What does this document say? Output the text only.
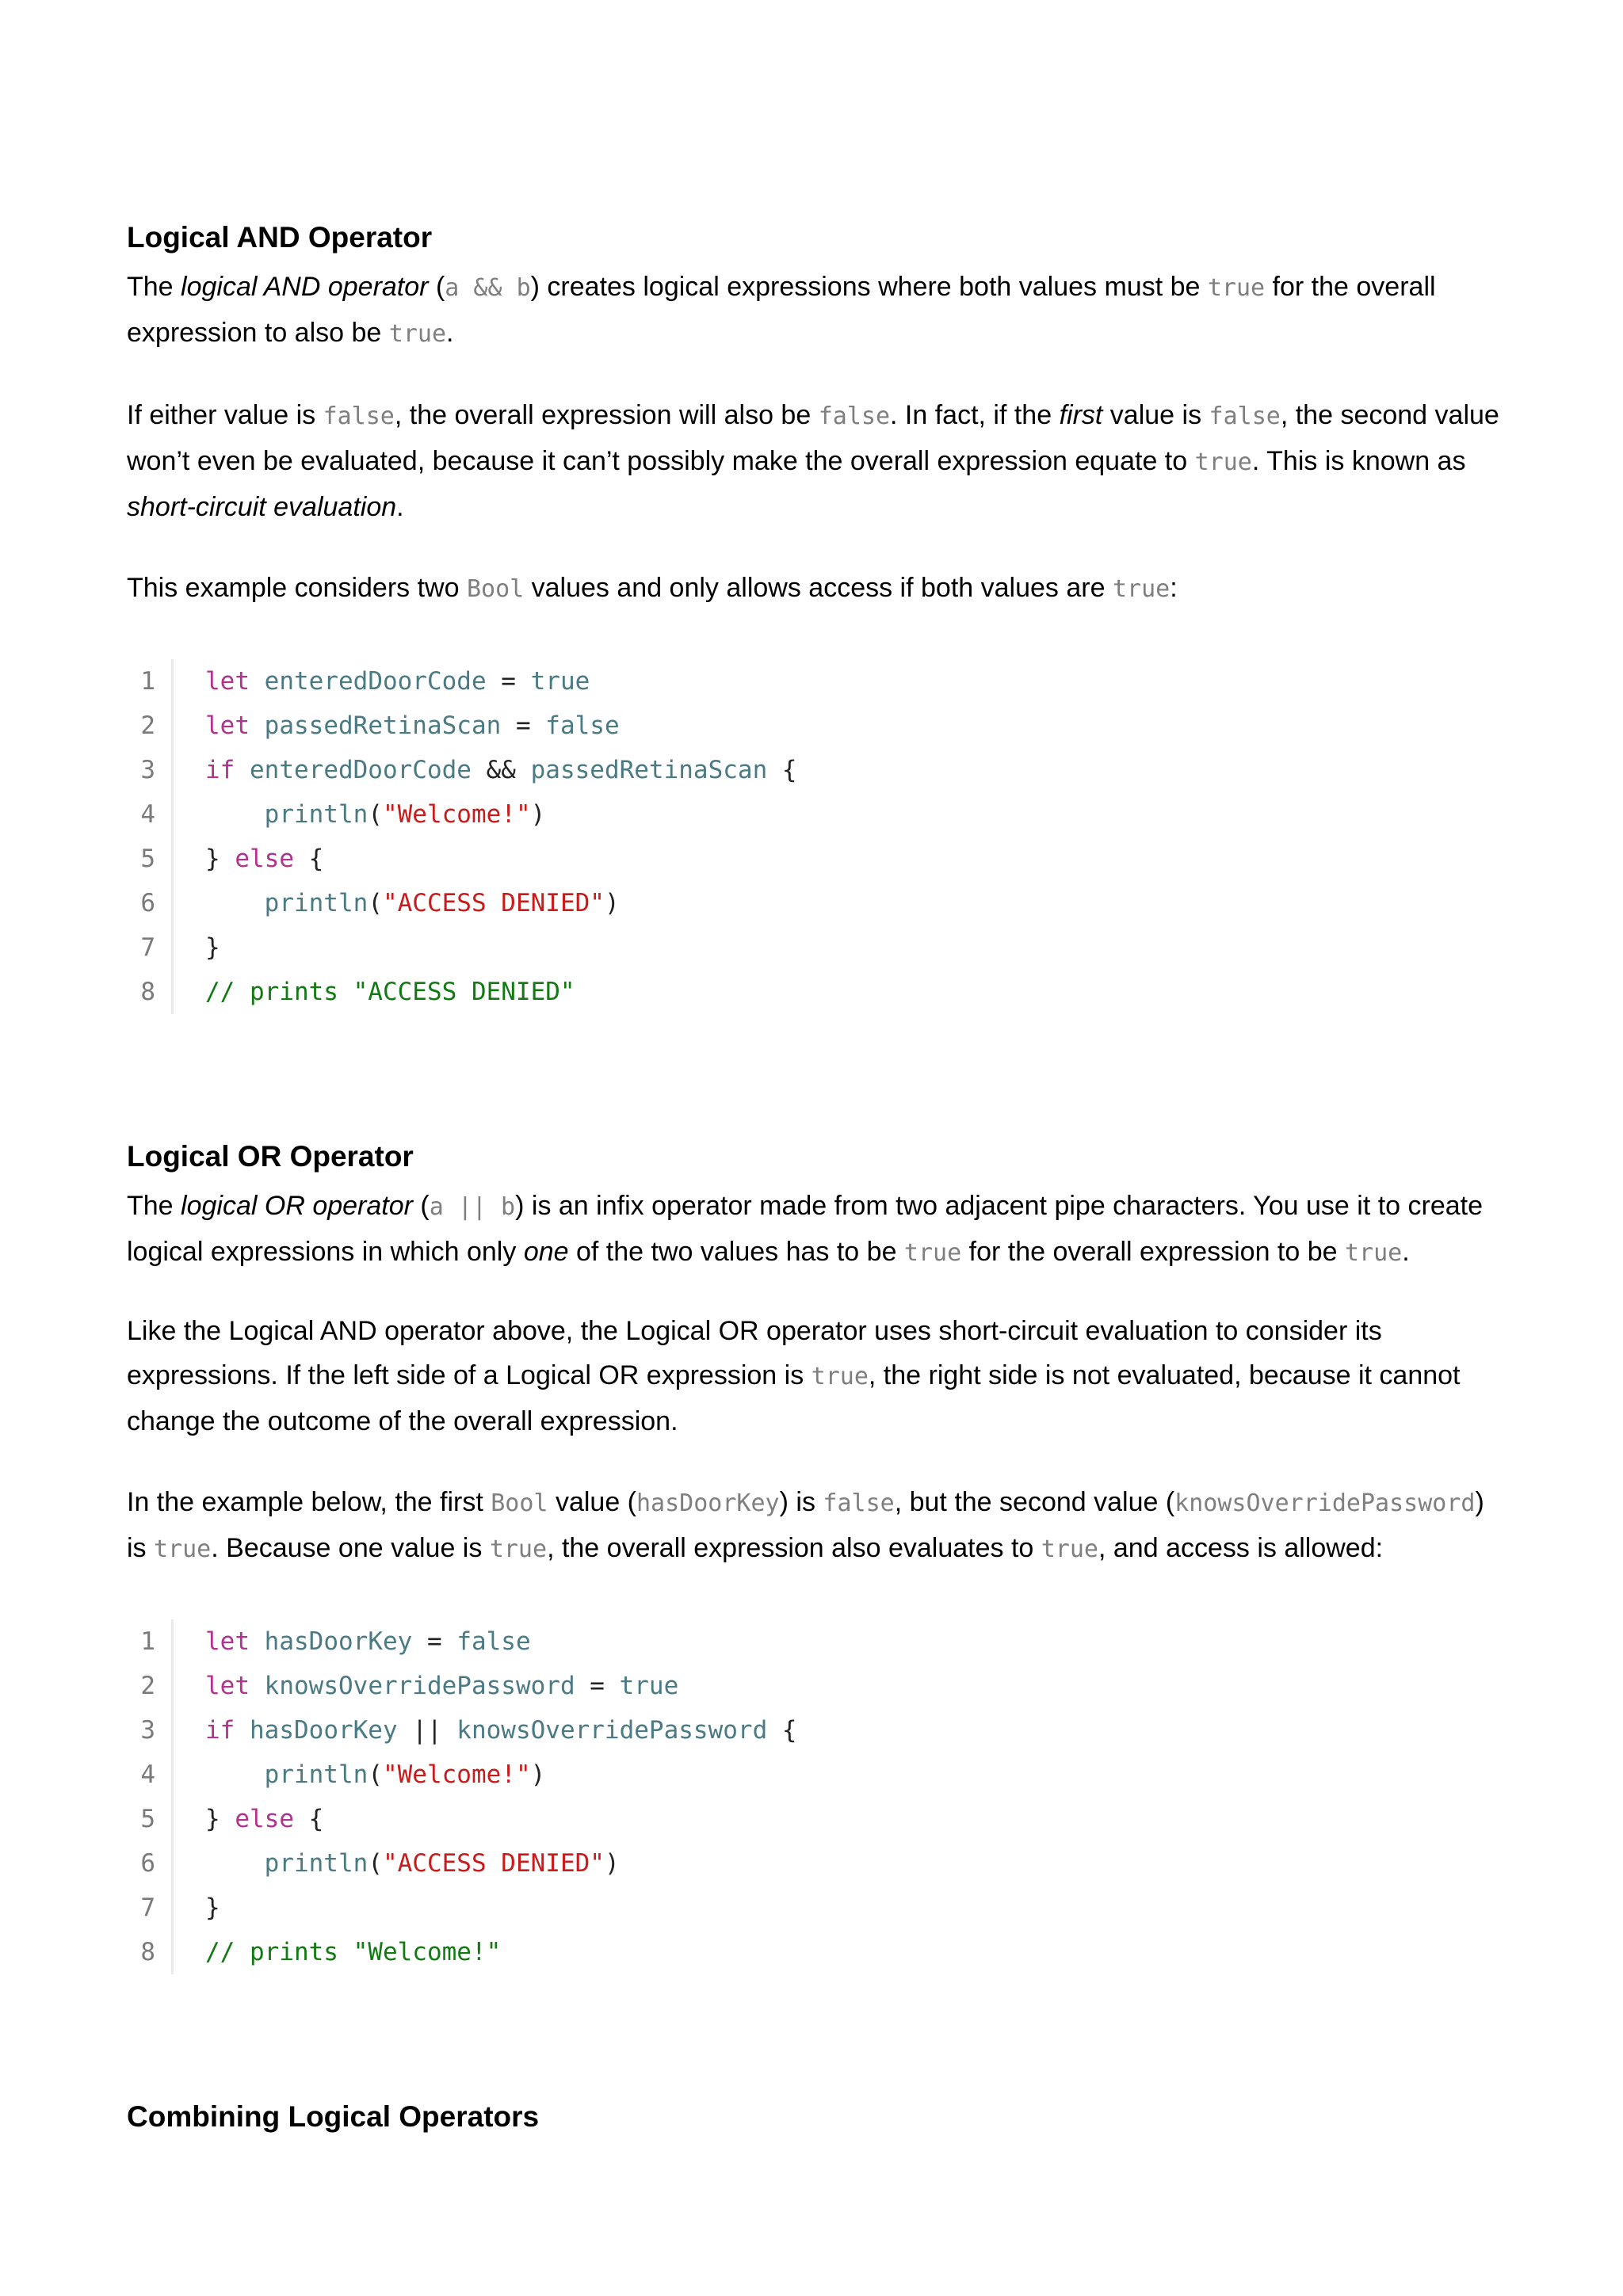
Logical AND Operator

The logical AND operator (a && b) creates logical expressions where both values must be true for the overall expression to also be true.

If either value is false, the overall expression will also be false. In fact, if the first value is false, the second value won’t even be evaluated, because it can’t possibly make the overall expression equate to true. This is known as short-circuit evaluation.

This example considers two Bool values and only allows access if both values are true:

1	let enteredDoorCode = true
2	let passedRetinaScan = false
3	if enteredDoorCode && passedRetinaScan {
4	println("Welcome!")
5	} else {
6	println("ACCESS DENIED")
7	}
8	// prints "ACCESS DENIED"
Logical OR Operator

The logical OR operator (a || b) is an infix operator made from two adjacent pipe characters. You use it to create logical expressions in which only one of the two values has to be true for the overall expression to be true.

Like the Logical AND operator above, the Logical OR operator uses short-circuit evaluation to consider its expressions. If the left side of a Logical OR expression is true, the right side is not evaluated, because it cannot change the outcome of the overall expression.

In the example below, the first Bool value (hasDoorKey) is false, but the second value (knowsOverridePassword) is true. Because one value is true, the overall expression also evaluates to true, and access is allowed:

1	let hasDoorKey = false
2	let knowsOverridePassword = true
3	if hasDoorKey || knowsOverridePassword {
4	println("Welcome!")
5	} else {
6	println("ACCESS DENIED")
7	}
8	// prints "Welcome!"
Combining Logical Operators
